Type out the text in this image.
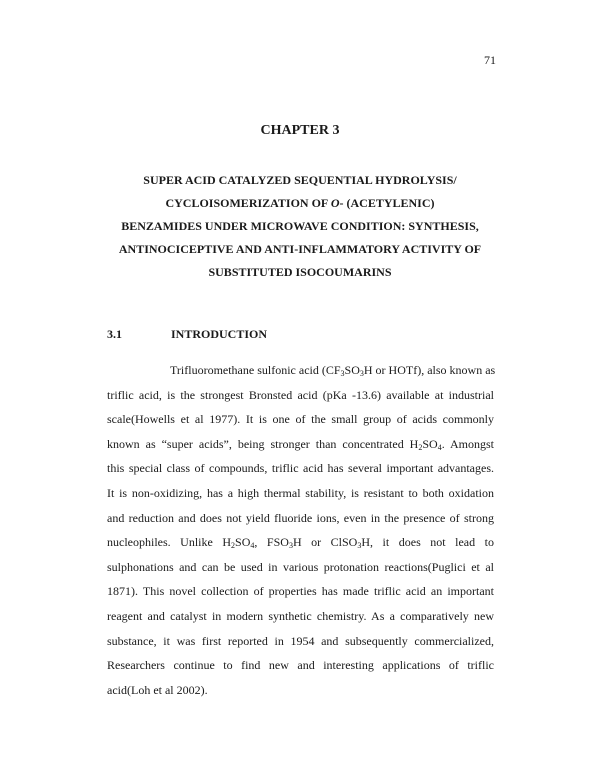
71
CHAPTER 3
SUPER ACID CATALYZED SEQUENTIAL HYDROLYSIS/
CYCLOISOMERIZATION OF O- (ACETYLENIC)
BENZAMIDES UNDER MICROWAVE CONDITION: SYNTHESIS,
ANTINOCICEPTIVE AND ANTI-INFLAMMATORY ACTIVITY OF
SUBSTITUTED ISOCOUMARINS
3.1	INTRODUCTION
Trifluoromethane sulfonic acid ($CF_3SO_3H$ or HOTf), also known as
triflic acid, is the strongest Bronsted acid (pKa -13.6) available at industrial
scale(Howells et al 1977). It is one of the small group of acids commonly
known as “super acids”, being stronger than concentrated $H_2SO_4$. Amongst
this special class of compounds, triflic acid has several important advantages.
It is non-oxidizing, has a high thermal stability, is resistant to both oxidation
and reduction and does not yield fluoride ions, even in the presence of strong
nucleophiles. Unlike $H_2SO_4$, $FSO_3H$ or ClSO$_3$H, it does not lead to
sulphonations and can be used in various protonation reactions(Puglici et al
1871). This novel collection of properties has made triflic acid an important
reagent and catalyst in modern synthetic chemistry. As a comparatively new
substance, it was first reported in 1954 and subsequently commercialized,
Researchers continue to find new and interesting applications of triflic
acid(Loh et al 2002).
